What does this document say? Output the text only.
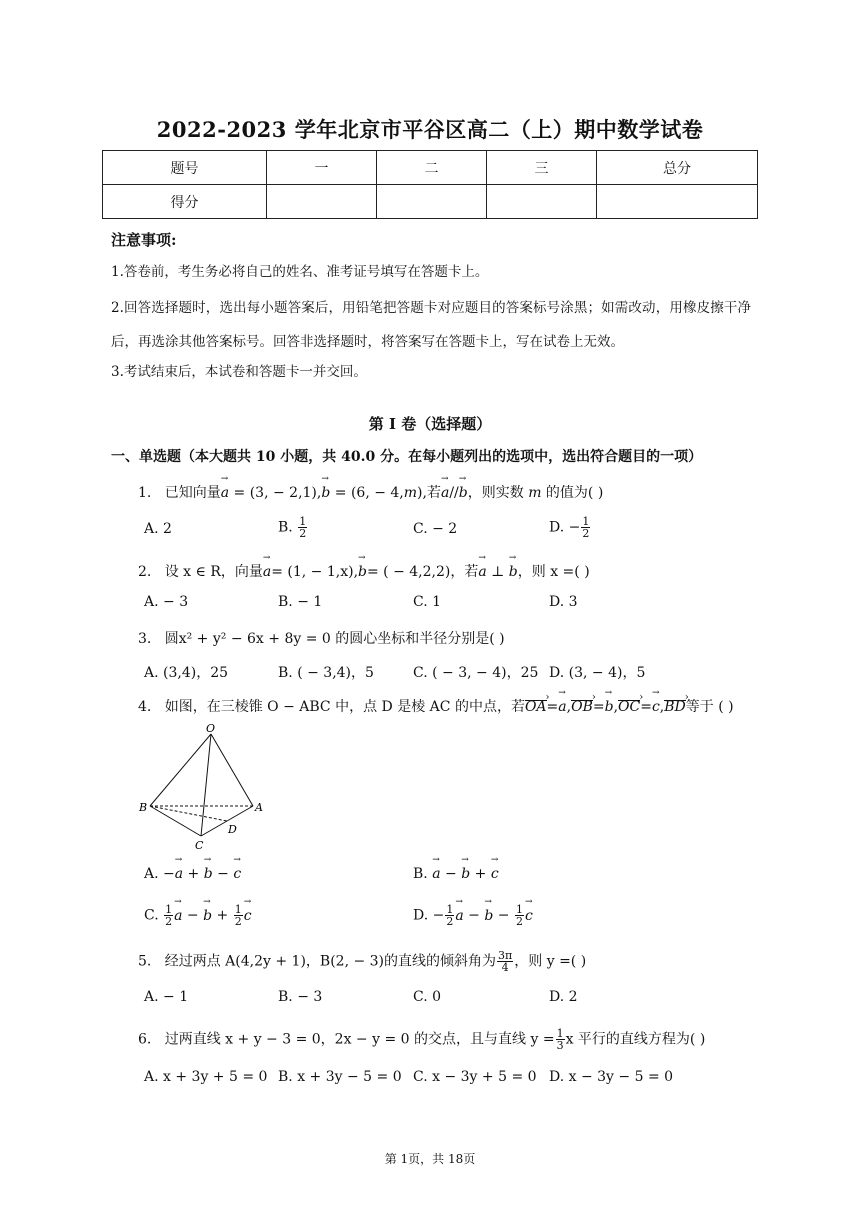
2022-2023 学年北京市平谷区高二（上）期中数学试卷
题号	一	二	三	总分
得分				
注意事项:
1.答卷前，考生务必将自己的姓名、准考证号填写在答题卡上。
2.回答选择题时，选出每小题答案后，用铅笔把答题卡对应题目的答案标号涂黑；如需改动，用橡皮擦干净后，再选涂其他答案标号。回答非选择题时，将答案写在答题卡上，写在试卷上无效。
3.考试结束后，本试卷和答题卡一并交回。
第 I 卷（选择题）
一、单选题（本大题共 10 小题，共 40.0 分。在每小题列出的选项中，选出符合题目的一项）
1. 已知向量→ a = (3, − 2,1),→ b = (6, − 4,m),若→ a//→ b，则实数 m 的值为( )
A. 2	B. $\frac{1}{2}$	C. − 2	D. − $\frac{1}{2}$
2. 设 x ∈ R，向量→ a= (1, − 1,x),→ b= ( − 4,2,2)，若→ a ⊥ → b，则 x =( )
A. − 3	B. − 1	C. 1	D. 3
3. 圆x² + y² − 6x + 8y = 0 的圆心坐标和半径分别是( )
A. (3,4)，25	B. ( − 3,4)，5	C. ( − 3, − 4)，25 D. (3, − 4)，5
4. 如图，在三棱锥 O − ABC 中，点 D 是棱 AC 的中点，若OA ›=→ a,OB ›=→ b,OC ›=→ c,BD ›等于 ( )
O
A
B
C
D
A. −→ a + → b − → c	B. → a − → b + → c
C. $\frac{1}{2} \to a$ − → $b + \frac{1}{2} \to c$	D. − $\frac{1}{2} \to a$ − → $b - \frac{1}{2} \to c$
5. 经过两点 A(4,2y + 1)，B(2, − 3)的直线的倾斜角为 $\frac{3\pi}{4}$ ，则 y =( )
A. − 1	B. − 3	C. 0	D. 2
6. 过两直线 x + y − 3 = 0，2x − y = 0 的交点，且与直线 $y = \frac{1}{3}$ x 平行的直线方程为( )
A. x + 3y + 5 = 0 B. x + 3y − 5 = 0 C. x − 3y + 5 = 0 D. x − 3y − 5 = 0
第 1页，共 18页
